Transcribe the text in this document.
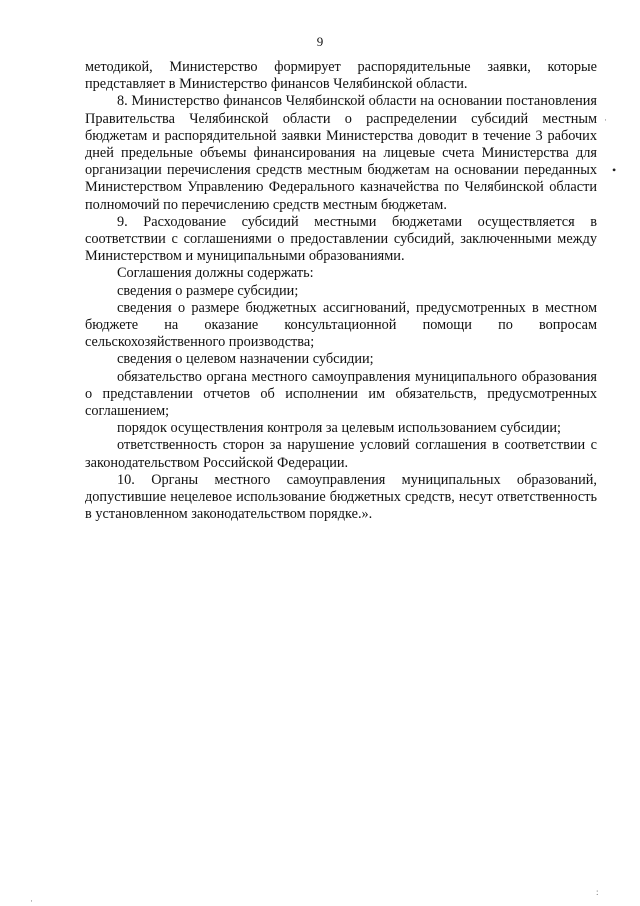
9

методикой, Министерство формирует распорядительные заявки, которые представляет в Министерство финансов Челябинской области.

8. Министерство финансов Челябинской области на основании постановления Правительства Челябинской области о распределении субсидий местным бюджетам и распорядительной заявки Министерства доводит в течение 3 рабочих дней предельные объемы финансирования на лицевые счета Министерства для организации перечисления средств местным бюджетам на основании переданных Министерством Управлению Федерального казначейства по Челябинской области полномочий по перечислению средств местным бюджетам.

9. Расходование субсидий местными бюджетами осуществляется в соответствии с соглашениями о предоставлении субсидий, заключенными между Министерством и муниципальными образованиями.

Соглашения должны содержать:

сведения о размере субсидии;

сведения о размере бюджетных ассигнований, предусмотренных в местном бюджете на оказание консультационной помощи по вопросам сельскохозяйственного производства;

сведения о целевом назначении субсидии;

обязательство органа местного самоуправления муниципального образования о представлении отчетов об исполнении им обязательств, предусмотренных соглашением;

порядок осуществления контроля за целевым использованием субсидии;

ответственность сторон за нарушение условий соглашения в соответствии с законодательством Российской Федерации.

10. Органы местного самоуправления муниципальных образований, допустившие нецелевое использование бюджетных средств, несут ответственность в установленном законодательством порядке.».

•
·
·
:
